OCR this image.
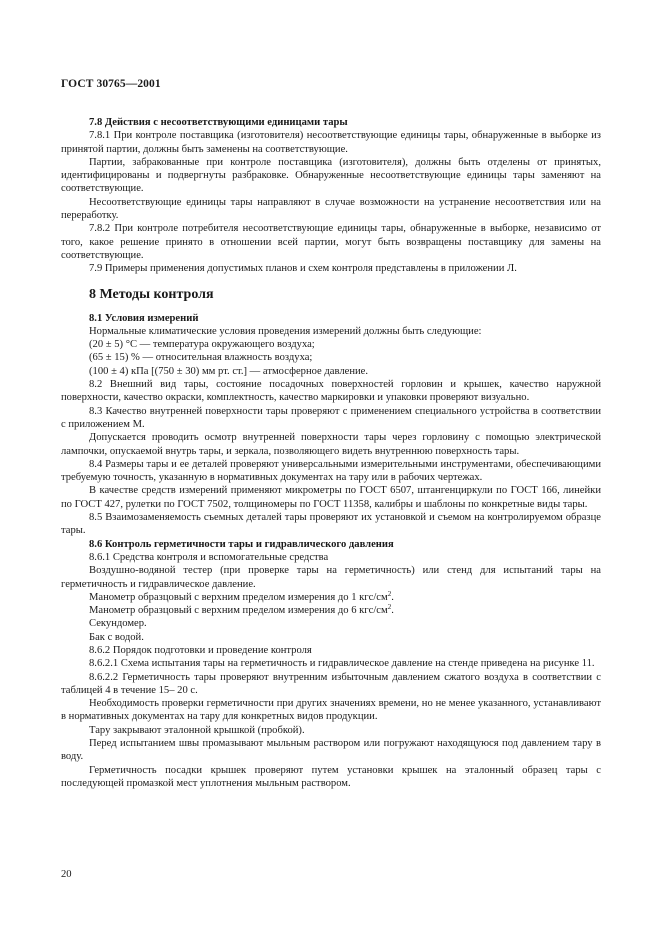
ГОСТ 30765—2001

7.8 Действия с несоответствующими единицами тары

7.8.1 При контроле поставщика (изготовителя) несоответствующие единицы тары, обнаруженные в выборке из принятой партии, должны быть заменены на соответствующие.

Партии, забракованные при контроле поставщика (изготовителя), должны быть отделены от принятых, идентифицированы и подвергнуты разбраковке. Обнаруженные несоответствующие единицы тары заменяют на соответствующие.

Несоответствующие единицы тары направляют в случае возможности на устранение несоответствия или на переработку.

7.8.2 При контроле потребителя несоответствующие единицы тары, обнаруженные в выборке, независимо от того, какое решение принято в отношении всей партии, могут быть возвращены поставщику для замены на соответствующие.

7.9 Примеры применения допустимых планов и схем контроля представлены в приложении Л.

8 Методы контроля

8.1 Условия измерений

Нормальные климатические условия проведения измерений должны быть следующие:

(20 ± 5) °С — температура окружающего воздуха;

(65 ± 15) % — относительная влажность воздуха;

(100 ± 4) кПа [(750 ± 30) мм рт. ст.] — атмосферное давление.

8.2 Внешний вид тары, состояние посадочных поверхностей горловин и крышек, качество наружной поверхности, качество окраски, комплектность, качество маркировки и упаковки проверяют визуально.

8.3 Качество внутренней поверхности тары проверяют с применением специального устройства в соответствии с приложением М.

Допускается проводить осмотр внутренней поверхности тары через горловину с помощью электрической лампочки, опускаемой внутрь тары, и зеркала, позволяющего видеть внутреннюю поверхность тары.

8.4 Размеры тары и ее деталей проверяют универсальными измерительными инструментами, обеспечивающими требуемую точность, указанную в нормативных документах на тару или в рабочих чертежах.

В качестве средств измерений применяют микрометры по ГОСТ 6507, штангенциркули по ГОСТ 166, линейки по ГОСТ 427, рулетки по ГОСТ 7502, толщиномеры по ГОСТ 11358, калибры и шаблоны по конкретные виды тары.

8.5 Взаимозаменяемость съемных деталей тары проверяют их установкой и съемом на контролируемом образце тары.

8.6 Контроль герметичности тары и гидравлического давления

8.6.1 Средства контроля и вспомогательные средства

Воздушно-водяной тестер (при проверке тары на герметичность) или стенд для испытаний тары на герметичность и гидравлическое давление.

Манометр образцовый с верхним пределом измерения до 1 кгс/$см^2$.

Манометр образцовый с верхним пределом измерения до 6 кгс/$см^2$.

Секундомер.

Бак с водой.

8.6.2 Порядок подготовки и проведение контроля

8.6.2.1 Схема испытания тары на герметичность и гидравлическое давление на стенде приведена на рисунке 11.

8.6.2.2 Герметичность тары проверяют внутренним избыточным давлением сжатого воздуха в соответствии с таблицей 4 в течение 15– 20 с.

Необходимость проверки герметичности при других значениях времени, но не менее указанного, устанавливают в нормативных документах на тару для конкретных видов продукции.

Тару закрывают эталонной крышкой (пробкой).

Перед испытанием швы промазывают мыльным раствором или погружают находящуюся под давлением тару в воду.

Герметичность посадки крышек проверяют путем установки крышек на эталонный образец тары с последующей промазкой мест уплотнения мыльным раствором.

20
